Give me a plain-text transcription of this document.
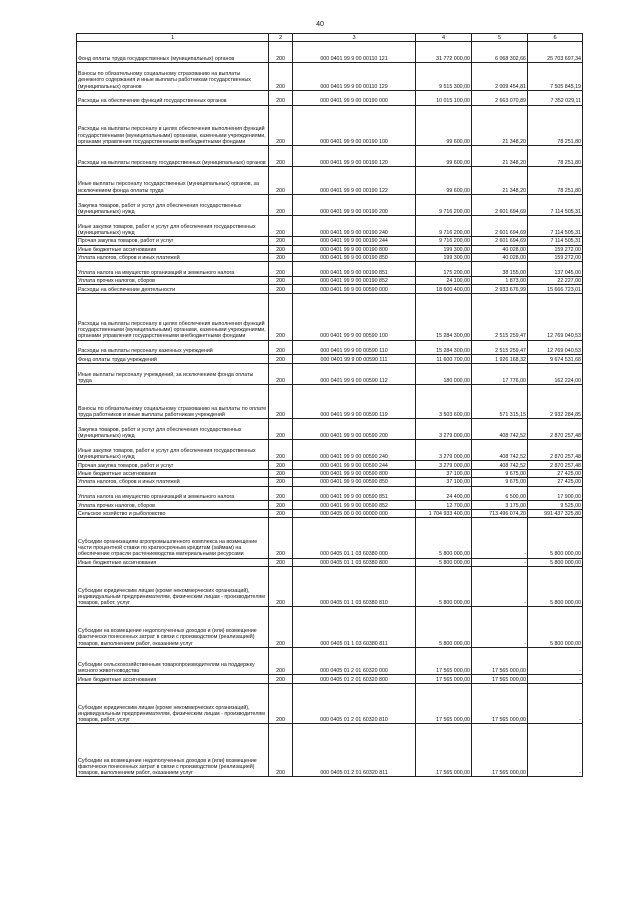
40
1	2	3	4	5	6
Фонд оплаты труда государственных (муниципальных) органов	200	000 0401 99 9 00 00110 121	31 772 000,00	6 068 302,66	25 703 697,34
Взносы по обязательному социальному страхованию на выплаты денежного содержания и иные выплаты работникам государственных (муниципальных) органов	200	000 0401 99 9 00 00110 129	9 515 300,00	2 009 454,81	7 505 845,19
Расходы на обеспечение функций государственных органов	200	000 0401 99 9 00 00190 000	10 015 100,00	2 663 070,89	7 352 029,11
Расходы на выплаты персоналу в целях обеспечения выполнения функций государственными (муниципальными) органами, казенными учреждениями, органами управления государственными внебюджетными фондами	200	000 0401 99 9 00 00190 100	99 600,00	21 348,20	78 251,80
Расходы на выплаты персоналу государственных (муниципальных) органов	200	000 0401 99 9 00 00190 120	99 600,00	21 348,20	78 251,80
Иные выплаты персоналу государственных (муниципальных) органов, за исключением фонда оплаты труда	200	000 0401 99 9 00 00190 122	99 600,00	21 348,20	78 251,80
Закупка товаров, работ и услуг для обеспечения государственных (муниципальных) нужд	200	000 0401 99 9 00 00190 200	9 716 200,00	2 601 694,69	7 114 505,31
Иные закупки товаров, работ и услуг для обеспечения государственных (муниципальных) нужд	200	000 0401 99 9 00 00190 240	9 716 200,00	2 601 694,69	7 114 505,31
Прочая закупка товаров, работ и услуг	200	000 0401 99 9 00 00190 244	9 716 200,00	2 601 694,69	7 114 505,31
Иные бюджетные ассигнования	200	000 0401 99 9 00 00190 800	199 300,00	40 028,00	159 272,00
Уплата налогов, сборов и иных платежей	200	000 0401 99 9 00 00190 850	199 300,00	40 028,00	159 272,00
Уплата налога на имущество организаций и земельного налога	200	000 0401 99 9 00 00190 851	175 200,00	38 155,00	137 045,00
Уплата прочих налогов, сборов	200	000 0401 99 9 00 00190 852	24 100,00	1 873,00	22 227,00
Расходы на обеспечение деятельности	200	000 0401 99 9 00 00590 000	18 600 400,00	2 933 676,99	15 666 723,01
Расходы на выплаты персоналу в целях обеспечения выполнения функций государственными (муниципальными) органами, казенными учреждениями, органами управления государственными внебюджетными фондами	200	000 0401 99 9 00 00590 100	15 284 300,00	2 515 259,47	12 769 040,53
Расходы на выплаты персоналу казенных учреждений	200	000 0401 99 9 00 00590 110	15 284 300,00	2 515 259,47	12 769 040,53
Фонд оплаты труда учреждений	200	000 0401 99 9 00 00590 111	11 600 700,00	1 926 168,32	9 674 531,68
Иные выплаты персоналу учреждений, за исключением фонда оплаты труда	200	000 0401 99 9 00 00590 112	180 000,00	17 776,00	162 224,00
Взносы по обязательному социальному страхованию на выплаты по оплате труда работников и иные выплаты работникам учреждений	200	000 0401 99 9 00 00590 119	3 503 600,00	571 315,15	2 932 284,85
Закупка товаров, работ и услуг для обеспечения государственных (муниципальных) нужд	200	000 0401 99 9 00 00590 200	3 279 000,00	408 742,52	2 870 257,48
Иные закупки товаров, работ и услуг для обеспечения государственных (муниципальных) нужд	200	000 0401 99 9 00 00590 240	3 279 000,00	408 742,52	2 870 257,48
Прочая закупка товаров, работ и услуг	200	000 0401 99 9 00 00590 244	3 279 000,00	408 742,52	2 870 257,48
Иные бюджетные ассигнования	200	000 0401 99 9 00 00590 800	37 100,00	9 675,00	27 425,00
Уплата налогов, сборов и иных платежей	200	000 0401 99 9 00 00590 850	37 100,00	9 675,00	27 425,00
Уплата налога на имущество организаций и земельного налога	200	000 0401 99 9 00 00590 851	24 400,00	6 500,00	17 900,00
Уплата прочих налогов, сборов	200	000 0401 99 9 00 00590 852	12 700,00	3 175,00	9 525,00
Сельское хозяйство и рыболовство	200	000 0405 00 0 00 00000 000	1 704 933 400,00	713 496 074,20	991 437 325,80
Субсидии организациям агропромышленного комплекса на возмещение части процентной ставки по краткосрочным кредитам (займам) на обеспечение отрасли растениеводства материальными ресурсами	200	000 0405 01 1 03 60380 000	5 800 000,00	-	5 800 000,00
Иные бюджетные ассигнования	200	000 0405 01 1 03 60380 800	5 800 000,00	-	5 800 000,00
Субсидии юридическим лицам (кроме некоммерческих организаций), индивидуальным предпринимателям, физическим лицам - производителям товаров, работ, услуг	200	000 0405 01 1 03 60380 810	5 800 000,00	-	5 800 000,00
Субсидии на возмещение недополученных доходов и (или) возмещение фактически понесенных затрат в связи с производством (реализацией) товаров, выполнением работ, оказанием услуг	200	000 0405 01 1 03 60380 811	5 800 000,00	-	5 800 000,00
Субсидии сельскохозяйственным товаропроизводителям на поддержку мясного животноводства	200	000 0405 01 2 01 60320 000	17 565 000,00	17 565 000,00	-
Иные бюджетные ассигнования	200	000 0405 01 2 01 60320 800	17 565 000,00	17 565 000,00	-
Субсидии юридическим лицам (кроме некоммерческих организаций), индивидуальным предпринимателям, физическим лицам - производителям товаров, работ, услуг	200	000 0405 01 2 01 60320 810	17 565 000,00	17 565 000,00	-
Субсидии на возмещение недополученных доходов и (или) возмещение фактически понесенных затрат в связи с производством (реализацией) товаров, выполнением работ, оказанием услуг	200	000 0405 01 2 01 60320 811	17 565 000,00	17 565 000,00	-
